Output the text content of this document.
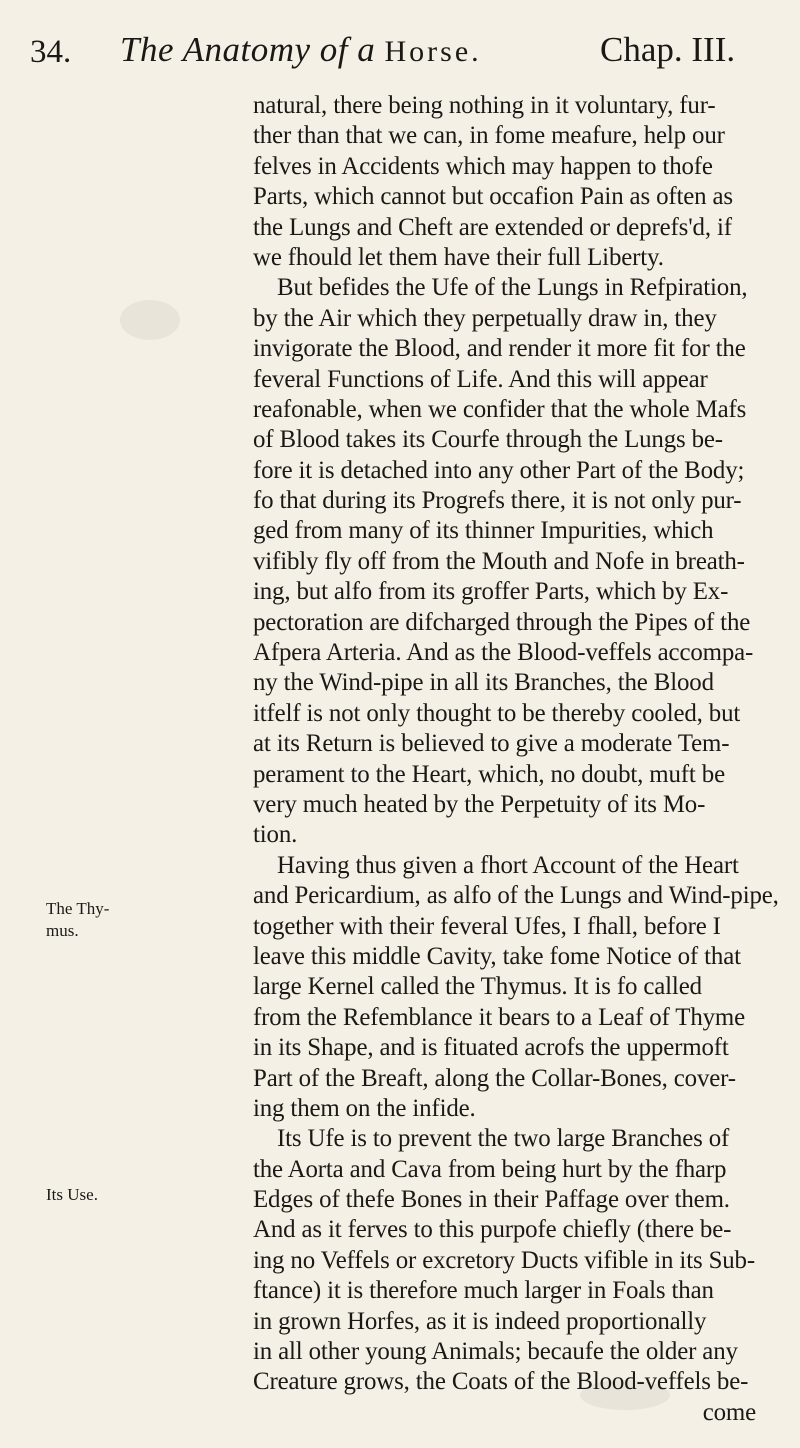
34. The Anatomy of a Horse.	Chap. III.
The Thy-mus.
Its Use.
natural, there being nothing in it voluntary, fur-
ther than that we can, in fome meafure, help our
felves in Accidents which may happen to thofe
Parts, which cannot but occafion Pain as often as
the Lungs and Cheft are extended or deprefs'd, if
we fhould let them have their full Liberty.
But befides the Ufe of the Lungs in Refpiration,
by the Air which they perpetually draw in, they
invigorate the Blood, and render it more fit for the
feveral Functions of Life. And this will appear
reafonable, when we confider that the whole Mafs
of Blood takes its Courfe through the Lungs be-
fore it is detached into any other Part of the Body;
fo that during its Progrefs there, it is not only pur-
ged from many of its thinner Impurities, which
vifibly fly off from the Mouth and Nofe in breath-
ing, but alfo from its groffer Parts, which by Ex-
pectoration are difcharged through the Pipes of the
Afpera Arteria. And as the Blood-veffels accompa-
ny the Wind-pipe in all its Branches, the Blood
itfelf is not only thought to be thereby cooled, but
at its Return is believed to give a moderate Tem-
perament to the Heart, which, no doubt, muft be
very much heated by the Perpetuity of its Mo-
tion.
Having thus given a fhort Account of the Heart
and Pericardium, as alfo of the Lungs and Wind-pipe,
together with their feveral Ufes, I fhall, before I
leave this middle Cavity, take fome Notice of that
large Kernel called the Thymus. It is fo called
from the Refemblance it bears to a Leaf of Thyme
in its Shape, and is fituated acrofs the uppermoft
Part of the Breaft, along the Collar-Bones, cover-
ing them on the infide.
Its Ufe is to prevent the two large Branches of
the Aorta and Cava from being hurt by the fharp
Edges of thefe Bones in their Paffage over them.
And as it ferves to this purpofe chiefly (there be-
ing no Veffels or excretory Ducts vifible in its Sub-
ftance) it is therefore much larger in Foals than
in grown Horfes, as it is indeed proportionally
in all other young Animals; becaufe the older any
Creature grows, the Coats of the Blood-veffels be-
come
